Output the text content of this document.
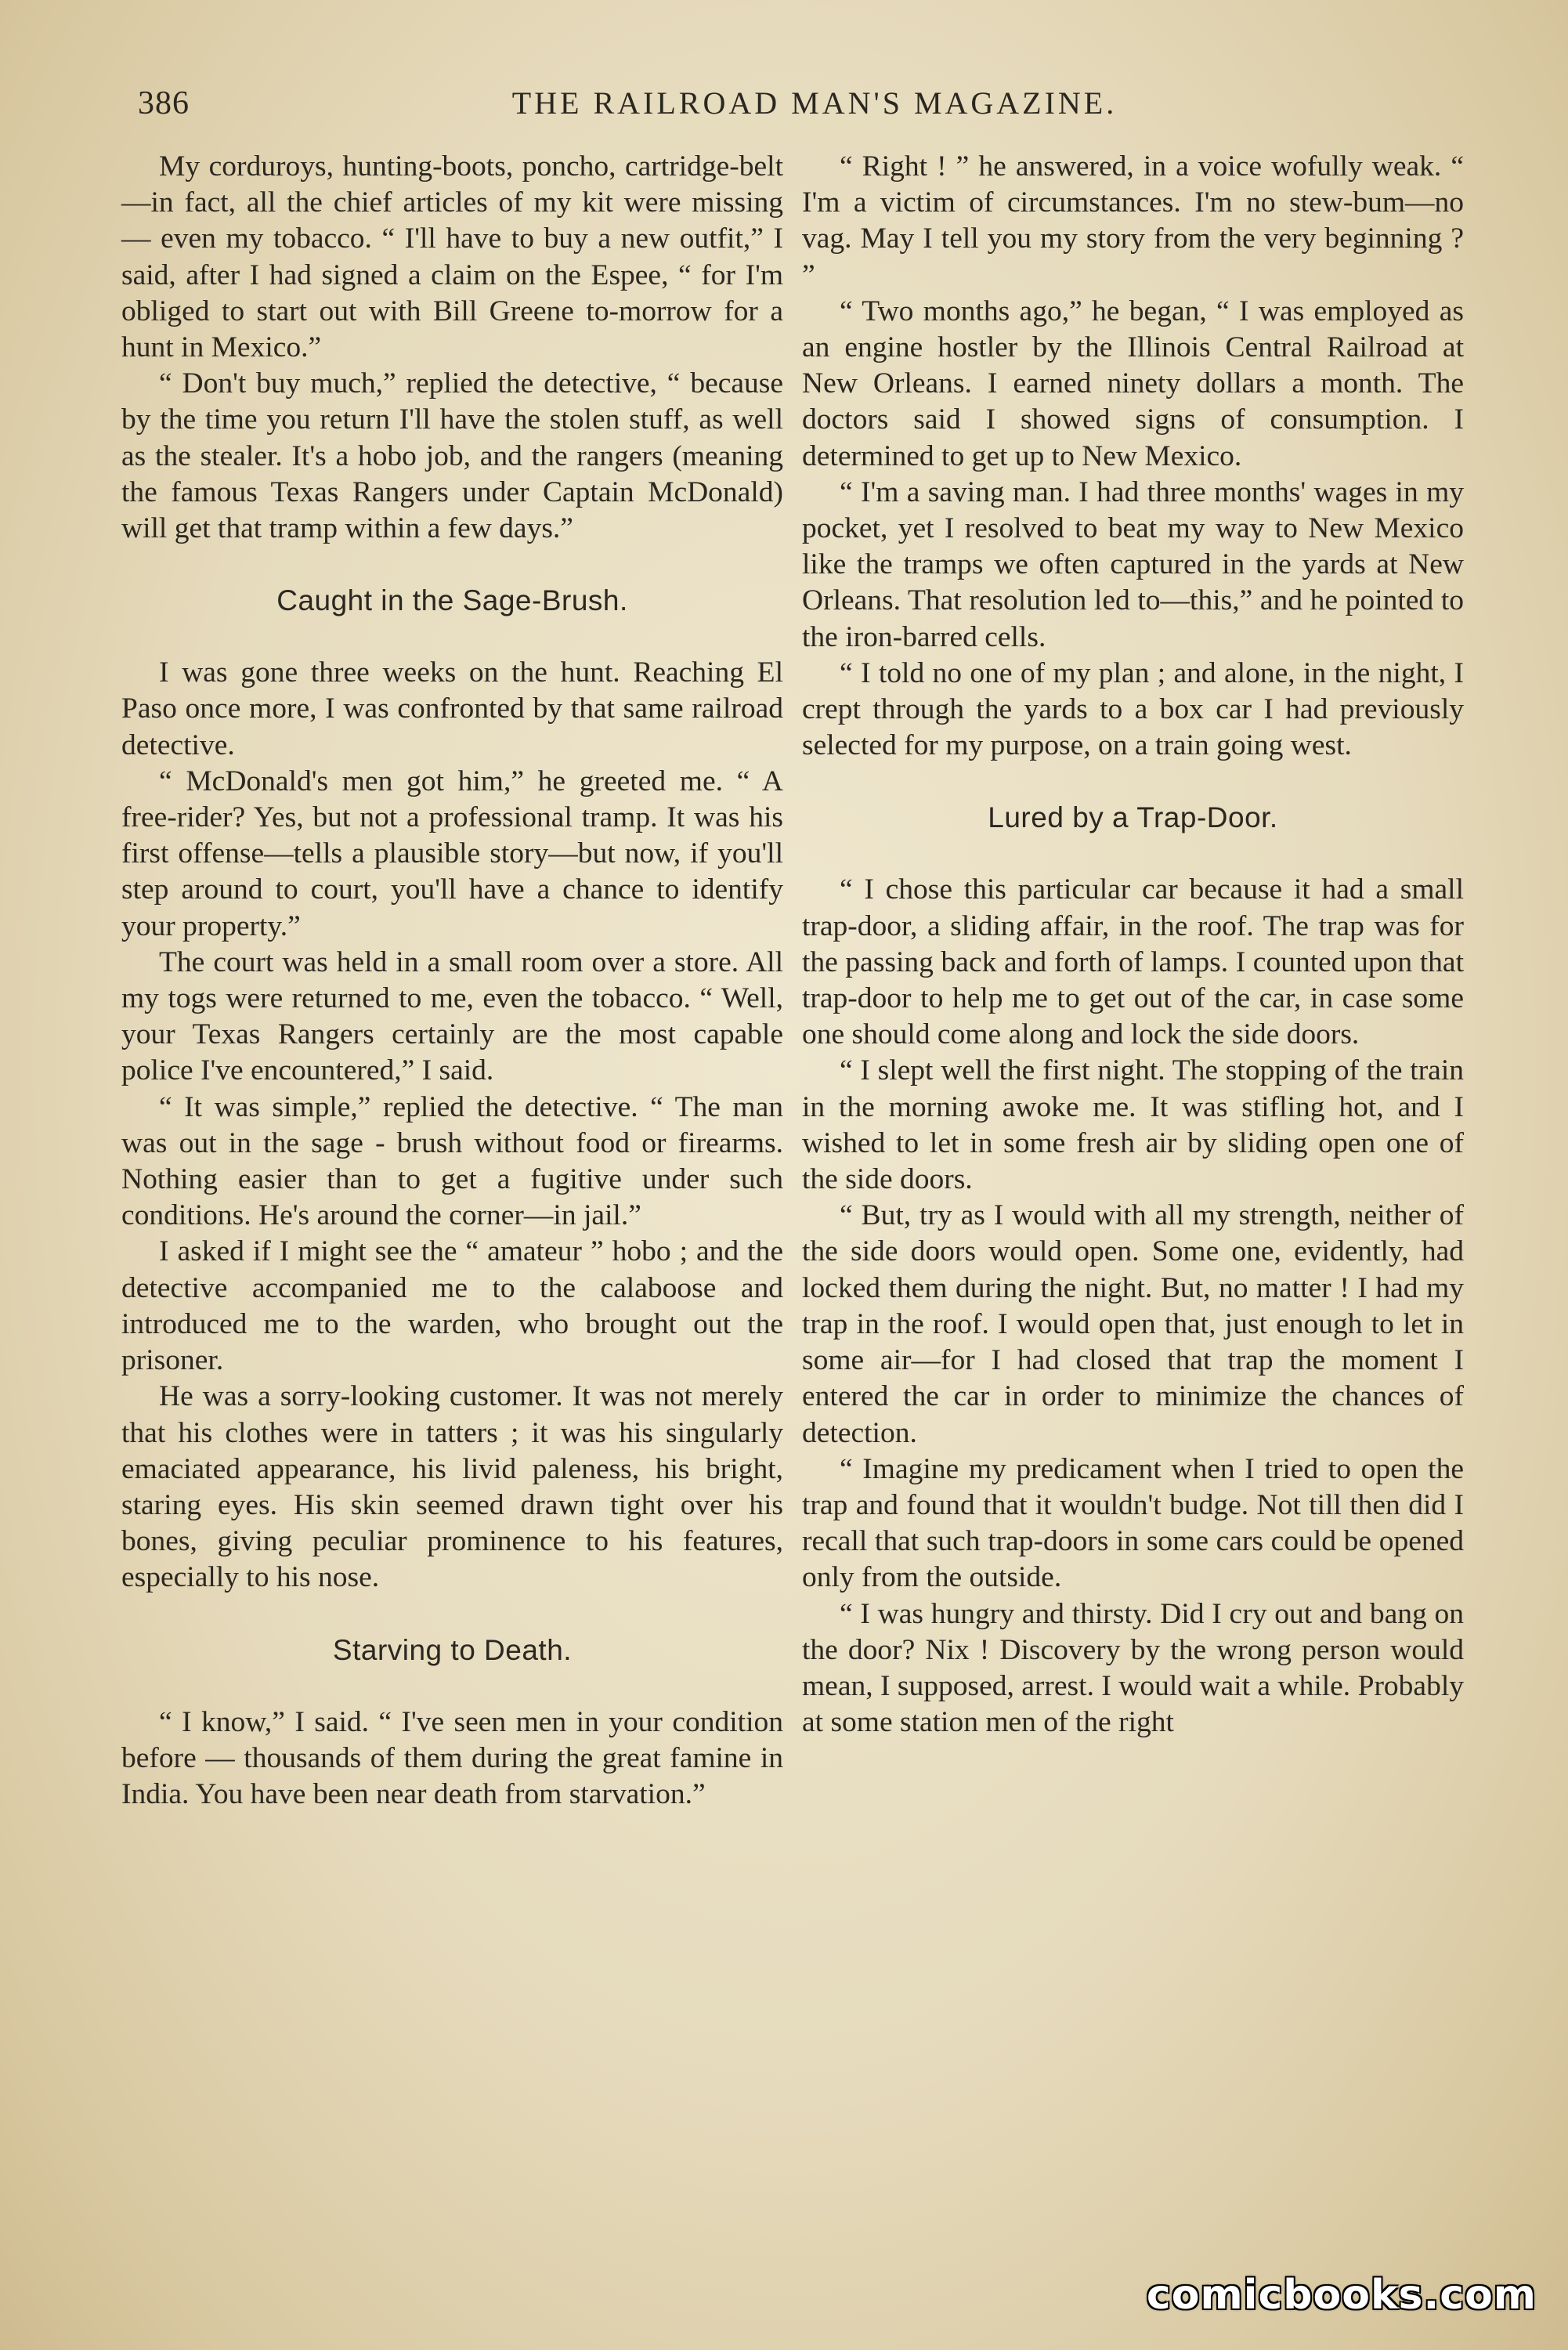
386	THE RAILROAD MAN'S MAGAZINE.

My corduroys, hunting-boots, poncho, cartridge-belt—in fact, all the chief articles of my kit were missing — even my tobacco. “ I'll have to buy a new outfit,” I said, after I had signed a claim on the Espee, “ for I'm obliged to start out with Bill Greene to-morrow for a hunt in Mexico.”

“ Don't buy much,” replied the detective, “ because by the time you return I'll have the stolen stuff, as well as the stealer. It's a hobo job, and the rangers (meaning the famous Texas Rangers under Captain McDonald) will get that tramp within a few days.”

Caught in the Sage-Brush.

I was gone three weeks on the hunt. Reaching El Paso once more, I was confronted by that same railroad detective.

“ McDonald's men got him,” he greeted me. “ A free-rider? Yes, but not a professional tramp. It was his first offense—tells a plausible story—but now, if you'll step around to court, you'll have a chance to identify your property.”

The court was held in a small room over a store. All my togs were returned to me, even the tobacco. “ Well, your Texas Rangers certainly are the most capable police I've encountered,” I said.

“ It was simple,” replied the detective. “ The man was out in the sage - brush without food or firearms. Nothing easier than to get a fugitive under such conditions. He's around the corner—in jail.”

I asked if I might see the “ amateur ” hobo ; and the detective accompanied me to the calaboose and introduced me to the warden, who brought out the prisoner.

He was a sorry-looking customer. It was not merely that his clothes were in tatters ; it was his singularly emaciated appearance, his livid paleness, his bright, staring eyes. His skin seemed drawn tight over his bones, giving peculiar prominence to his features, especially to his nose.

Starving to Death.

“ I know,” I said. “ I've seen men in your condition before — thousands of them during the great famine in India. You have been near death from starvation.”

“ Right ! ” he answered, in a voice wofully weak. “ I'm a victim of circumstances. I'm no stew-bum—no vag. May I tell you my story from the very beginning ? ”

“ Two months ago,” he began, “ I was employed as an engine hostler by the Illinois Central Railroad at New Orleans. I earned ninety dollars a month. The doctors said I showed signs of consumption. I determined to get up to New Mexico.

“ I'm a saving man. I had three months' wages in my pocket, yet I resolved to beat my way to New Mexico like the tramps we often captured in the yards at New Orleans. That resolution led to—this,” and he pointed to the iron-barred cells.

“ I told no one of my plan ; and alone, in the night, I crept through the yards to a box car I had previously selected for my purpose, on a train going west.

Lured by a Trap-Door.

“ I chose this particular car because it had a small trap-door, a sliding affair, in the roof. The trap was for the passing back and forth of lamps. I counted upon that trap-door to help me to get out of the car, in case some one should come along and lock the side doors.

“ I slept well the first night. The stopping of the train in the morning awoke me. It was stifling hot, and I wished to let in some fresh air by sliding open one of the side doors.

“ But, try as I would with all my strength, neither of the side doors would open. Some one, evidently, had locked them during the night. But, no matter ! I had my trap in the roof. I would open that, just enough to let in some air—for I had closed that trap the moment I entered the car in order to minimize the chances of detection.

“ Imagine my predicament when I tried to open the trap and found that it wouldn't budge. Not till then did I recall that such trap-doors in some cars could be opened only from the outside.

“ I was hungry and thirsty. Did I cry out and bang on the door? Nix ! Discovery by the wrong person would mean, I supposed, arrest. I would wait a while. Probably at some station men of the right

comicbooks.com
